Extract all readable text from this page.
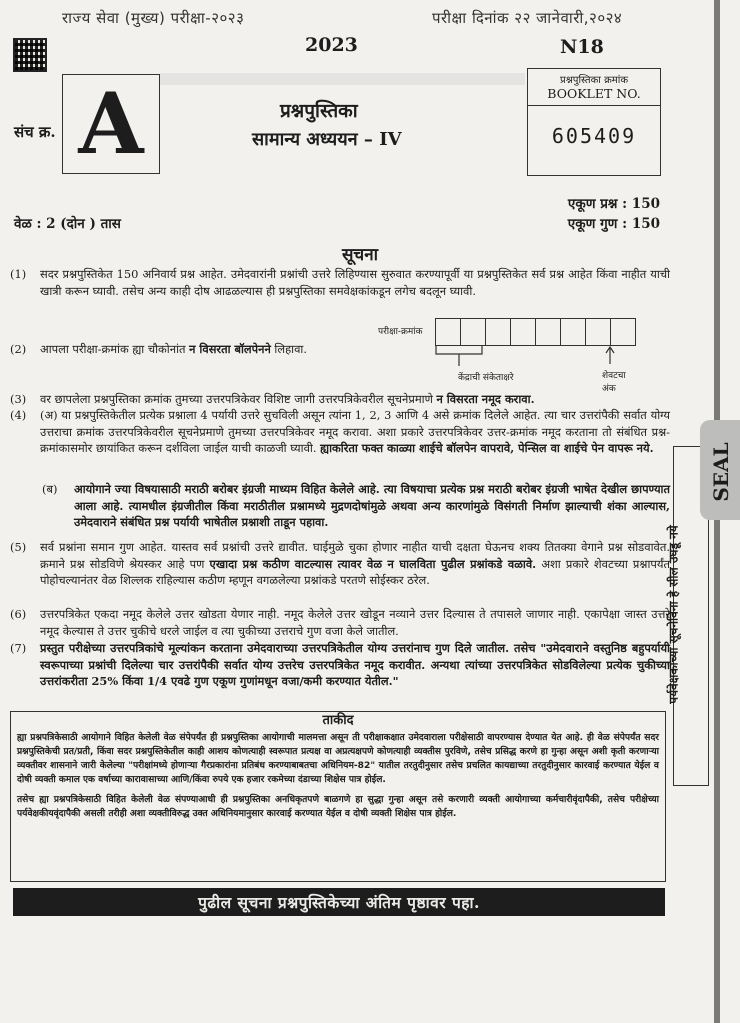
राज्य सेवा (मुख्य) परीक्षा-२०२३	परीक्षा दिनांक २२ जानेवारी,२०२४
2023	N18
संच क्र. A	प्रश्नपुस्तिका
सामान्य अध्ययन – IV
प्रश्नपुस्तिका क्रमांक
BOOKLET NO.
605409
एकूण प्रश्न : 150
एकूण गुण : 150
वेळ : 2 (दोन ) तास
सूचना
(1)	सदर प्रश्नपुस्तिकेत 150 अनिवार्य प्रश्न आहेत. उमेदवारांनी प्रश्नांची उत्तरे लिहिण्यास सुरुवात करण्यापूर्वी या प्रश्नपुस्तिकेत सर्व प्रश्न आहेत किंवा नाहीत याची खात्री करून घ्यावी. तसेच अन्य काही दोष आढळल्यास ही प्रश्नपुस्तिका समवेक्षकांकडून लगेच बदलून घ्यावी.
(2)	आपला परीक्षा-क्रमांक ह्या चौकोनांत न विसरता बॉलपेनने लिहावा.
परीक्षा-क्रमांक
केंद्राची संकेताक्षरे	शेवटचा अंक
(3)	वर छापलेला प्रश्नपुस्तिका क्रमांक तुमच्या उत्तरपत्रिकेवर विशिष्ट जागी उत्तरपत्रिकेवरील सूचनेप्रमाणे न विसरता नमूद करावा.
(4)	(अ) या प्रश्नपुस्तिकेतील प्रत्येक प्रश्नाला 4 पर्यायी उत्तरे सुचविली असून त्यांना 1, 2, 3 आणि 4 असे क्रमांक दिलेले आहेत. त्या चार उत्तरांपैकी सर्वात योग्य उत्तराचा क्रमांक उत्तरपत्रिकेवरील सूचनेप्रमाणे तुमच्या उत्तरपत्रिकेवर नमूद करावा. अशा प्रकारे उत्तरपत्रिकेवर उत्तर-क्रमांक नमूद करताना तो संबंधित प्रश्न-क्रमांकासमोर छायांकित करून दर्शविला जाईल याची काळजी घ्यावी. ह्याकरिता फक्त काळ्या शाईचे बॉलपेन वापरावे, पेन्सिल वा शाईचे पेन वापरू नये.
(ब)	आयोगाने ज्या विषयासाठी मराठी बरोबर इंग्रजी माध्यम विहित केलेले आहे. त्या विषयाचा प्रत्येक प्रश्न मराठी बरोबर इंग्रजी भाषेत देखील छापण्यात आला आहे. त्यामधील इंग्रजीतील किंवा मराठीतील प्रश्नामध्ये मुद्रणदोषांमुळे अथवा अन्य कारणांमुळे विसंगती निर्माण झाल्याची शंका आल्यास, उमेदवाराने संबंधित प्रश्न पर्यायी भाषेतील प्रश्नाशी ताडून पहावा.
(5)	सर्व प्रश्नांना समान गुण आहेत. यास्तव सर्व प्रश्नांची उत्तरे द्यावीत. घाईमुळे चुका होणार नाहीत याची दक्षता घेऊनच शक्य तितक्या वेगाने प्रश्न सोडवावेत. क्रमाने प्रश्न सोडविणे श्रेयस्कर आहे पण एखादा प्रश्न कठीण वाटल्यास त्यावर वेळ न घालविता पुढील प्रश्नांकडे वळावे. अशा प्रकारे शेवटच्या प्रश्नापर्यंत पोहोचल्यानंतर वेळ शिल्लक राहिल्यास कठीण म्हणून वगळलेल्या प्रश्नांकडे परतणे सोईस्कर ठरेल.
(6)	उत्तरपत्रिकेत एकदा नमूद केलेले उत्तर खोडता येणार नाही. नमूद केलेले उत्तर खोडून नव्याने उत्तर दिल्यास ते तपासले जाणार नाही. एकापेक्षा जास्त उत्तरे नमूद केल्यास ते उत्तर चुकीचे धरले जाईल व त्या चुकीच्या उत्तराचे गुण वजा केले जातील.
(7)	प्रस्तुत परीक्षेच्या उत्तरपत्रिकांचे मूल्यांकन करताना उमेदवाराच्या उत्तरपत्रिकेतील योग्य उत्तरांनाच गुण दिले जातील. तसेच "उमेदवाराने वस्तुनिष्ठ बहुपर्यायी स्वरूपाच्या प्रश्नांची दिलेल्या चार उत्तरांपैकी सर्वात योग्य उत्तरेच उत्तरपत्रिकेत नमूद करावीत. अन्यथा त्यांच्या उत्तरपत्रिकेत सोडविलेल्या प्रत्येक चुकीच्या उत्तरांकरीता 25% किंवा 1/4 एवढे गुण एकूण गुणांमधून वजा/कमी करण्यात येतील."
ताकीद

ह्या प्रश्नपत्रिकेसाठी आयोगाने विहित केलेली वेळ संपेपर्यंत ही प्रश्नपुस्तिका आयोगाची मालमत्ता असून ती परीक्षाकक्षात उमेदवाराला परीक्षेसाठी वापरण्यास देण्यात येत आहे. ही वेळ संपेपर्यंत सदर प्रश्नपुस्तिकेची प्रत/प्रती, किंवा सदर प्रश्नपुस्तिकेतील काही आशय कोणत्याही स्वरूपात प्रत्यक्ष वा अप्रत्यक्षपणे कोणत्याही व्यक्तीस पुरविणे, तसेच प्रसिद्ध करणे हा गुन्हा असून अशी कृती करणाऱ्या व्यक्तीवर शासनाने जारी केलेल्या "परीक्षांमध्ये होणाऱ्या गैरप्रकारांना प्रतिबंध करण्याबाबतचा अधिनियम-82" यातील तरतुदीनुसार तसेच प्रचलित कायद्याच्या तरतुदीनुसार कारवाई करण्यात येईल व दोषी व्यक्ती कमाल एक वर्षाच्या कारावासाच्या आणि/किंवा रुपये एक हजार रकमेच्या दंडाच्या शिक्षेस पात्र होईल.

तसेच ह्या प्रश्नपत्रिकेसाठी विहित केलेली वेळ संपण्याआधी ही प्रश्नपुस्तिका अनधिकृतपणे बाळगणे हा सुद्धा गुन्हा असून तसे करणारी व्यक्ती आयोगाच्या कर्मचारीवृंदापैकी, तसेच परीक्षेच्या पर्यवेक्षकीयवृंदापैकी असली तरीही अशा व्यक्तीविरुद्ध उक्त अधिनियमानुसार कारवाई करण्यात येईल व दोषी व्यक्ती शिक्षेस पात्र होईल.

पुढील सूचना प्रश्नपुस्तिकेच्या अंतिम पृष्ठावर पहा.
पर्यवेक्षकांच्या सूचनेविना हे सील उघडू नये
SEAL
